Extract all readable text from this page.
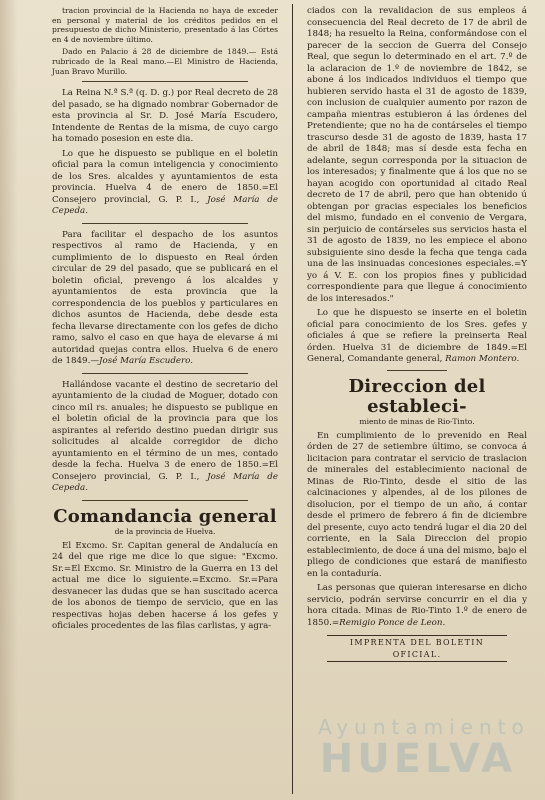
tracion provincial de la Hacienda no haya de exceder en personal y material de los créditos pedidos en el presupuesto de dicho Ministerio, presentado á las Córtes en 4 de noviembre último.

Dado en Palacio á 28 de diciembre de 1849.— Está rubricado de la Real mano.—El Ministro de Hacienda, Juan Bravo Murillo.

La Reina N.ª S.ª (q. D. g.) por Real decreto de 28 del pasado, se ha dignado nombrar Gobernador de esta provincia al Sr. D. José María Escudero, Intendente de Rentas de la misma, de cuyo cargo ha tomado posesion en este dia.

Lo que he dispuesto se publique en el boletin oficial para la comun inteligencia y conocimiento de los Sres. alcaldes y ayuntamientos de esta provincia. Huelva 4 de enero de 1850.=El Consejero provincial, G. P. I., José María de Cepeda.

Para facilitar el despacho de los asuntos respectivos al ramo de Hacienda, y en cumplimiento de lo dispuesto en Real órden circular de 29 del pasado, que se publicará en el boletin oficial, prevengo á los alcaldes y ayuntamientos de esta provincia que la correspondencia de los pueblos y particulares en dichos asuntos de Hacienda, debe desde esta fecha llevarse directamente con los gefes de dicho ramo, salvo el caso en que haya de elevarse á mi autoridad quejas contra ellos. Huelva 6 de enero de 1849.—José María Escudero.

Hallándose vacante el destino de secretario del ayuntamiento de la ciudad de Moguer, dotado con cinco mil rs. anuales; he dispuesto se publique en el boletin oficial de la provincia para que los aspirantes al referido destino puedan dirigir sus solicitudes al alcalde corregidor de dicho ayuntamiento en el término de un mes, contado desde la fecha. Huelva 3 de enero de 1850.=El Consejero provincial, G. P. I., José María de Cepeda.

Comandancia general
de la provincia de Huelva.

El Excmo. Sr. Capitan general de Andalucía en 24 del que rige me dice lo que sigue: "Excmo. Sr.=El Excmo. Sr. Ministro de la Guerra en 13 del actual me dice lo siguiente.=Excmo. Sr.=Para desvanecer las dudas que se han suscitado acerca de los abonos de tiempo de servicio, que en las respectivas hojas deben hacerse á los gefes y oficiales procedentes de las filas carlistas, y agra-

ciados con la revalidacion de sus empleos á consecuencia del Real decreto de 17 de abril de 1848; ha resuelto la Reina, conformándose con el parecer de la seccion de Guerra del Consejo Real, que segun lo determinado en el art. 7.º de la aclaracion de 1.º de noviembre de 1842, se abone á los indicados individuos el tiempo que hubieren servido hasta el 31 de agosto de 1839, con inclusion de cualquier aumento por razon de campaña mientras estubieron á las órdenes del Pretendiente; que no ha de contárseles el tiempo trascurso desde 31 de agosto de 1839, hasta 17 de abril de 1848; mas sí desde esta fecha en adelante, segun corresponda por la situacion de los interesados; y finalmente que á los que no se hayan acogido con oportunidad al citado Real decreto de 17 de abril, pero que han obtenido ú obtengan por gracias especiales los beneficios del mismo, fundado en el convenio de Vergara, sin perjuicio de contárseles sus servicios hasta el 31 de agosto de 1839, no les empiece el abono subsiguiente sino desde la fecha que tenga cada una de las insinuadas concesiones especiales.=Y yo á V. E. con los propios fines y publicidad correspondiente para que llegue á conocimiento de los interesados."

Lo que he dispuesto se inserte en el boletin oficial para conocimiento de los Sres. gefes y oficiales á que se refiere la preinserta Real órden. Huelva 31 de diciembre de 1849.=El General, Comandante general, Ramon Montero.

Direccion del estableci-
miento de minas de Rio-Tinto.

En cumplimiento de lo prevenido en Real órden de 27 de setiembre último, se convoca á licitacion para contratar el servicio de traslacion de minerales del establecimiento nacional de Minas de Rio-Tinto, desde el sitio de las calcinaciones y alpendes, al de los pilones de disolucion, por el tiempo de un año, á contar desde el primero de febrero á fin de diciembre del presente, cuyo acto tendrá lugar el dia 20 del corriente, en la Sala Direccion del propio establecimiento, de doce á una del mismo, bajo el pliego de condiciones que estará de manifiesto en la contaduría.

Las personas que quieran interesarse en dicho servicio, podrán servirse concurrir en el dia y hora citada. Minas de Rio-Tinto 1.º de enero de 1850.=Remigio Ponce de Leon.

IMPRENTA DEL BOLETIN OFICIAL.
Ayuntamiento
HUELVA
